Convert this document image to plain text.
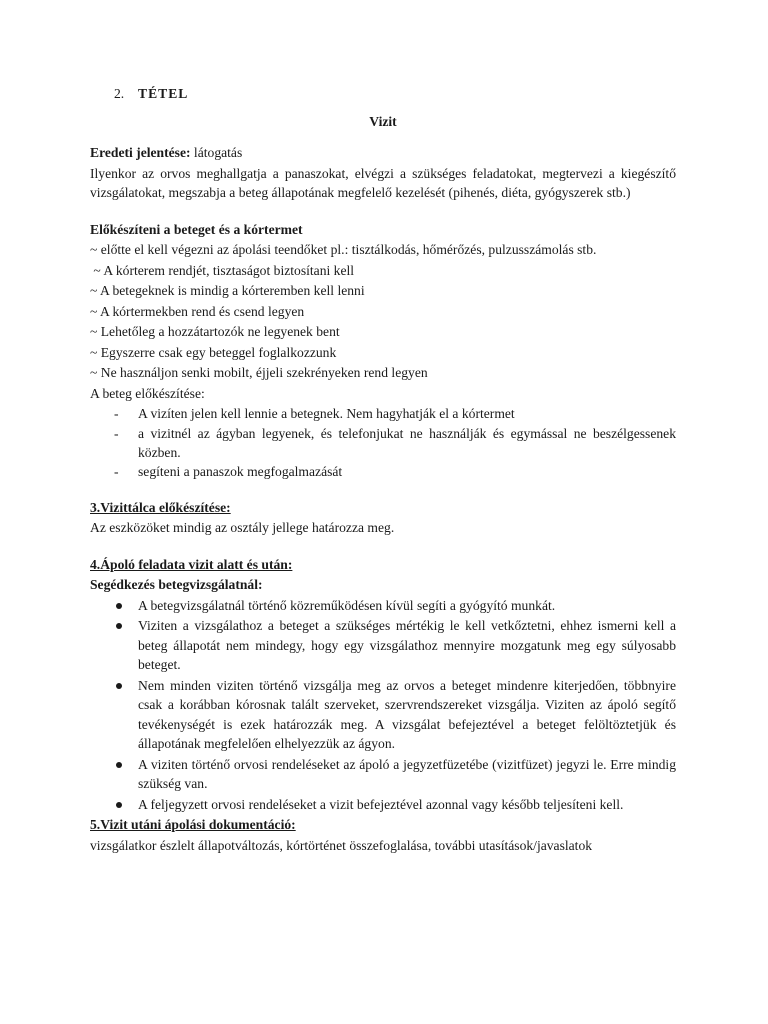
2. TÉTEL
Vizit
Eredeti jelentése: látogatás
Ilyenkor az orvos meghallgatja a panaszokat, elvégzi a szükséges feladatokat, megtervezi a kiegészítő vizsgálatokat, megszabja a beteg állapotának megfelelő kezelését (pihenés, diéta, gyógyszerek stb.)
Előkészíteni a beteget és a kórtermet
~ előtte el kell végezni az ápolási teendőket pl.: tisztálkodás, hőmérőzés, pulzusszámolás stb.
~ A kórterem rendjét, tisztaságot biztosítani kell
~ A betegeknek is mindig a kórteremben kell lenni
~ A kórtermekben rend és csend legyen
~ Lehetőleg a hozzátartozók ne legyenek bent
~ Egyszerre csak egy beteggel foglalkozzunk
~ Ne használjon senki mobilt, éjjeli szekrényeken rend legyen
A beteg előkészítése:
- A vizíten jelen kell lennie a betegnek. Nem hagyhatják el a kórtermet
- a vizitnél az ágyban legyenek, és telefonjukat ne használják és egymással ne beszélgessenek közben.
- segíteni a panaszok megfogalmazását
3.Vizittálca előkészítése:
Az eszközöket mindig az osztály jellege határozza meg.
4.Ápoló feladata vizit alatt és után:
Segédkezés betegvizsgálatnál:
A betegvizsgálatnál történő közreműködésen kívül segíti a gyógyító munkát.
Viziten a vizsgálathoz a beteget a szükséges mértékig le kell vetkőztetni, ehhez ismerni kell a beteg állapotát nem mindegy, hogy egy vizsgálathoz mennyire mozgatunk meg egy súlyosabb beteget.
Nem minden viziten történő vizsgálja meg az orvos a beteget mindenre kiterjedően, többnyire csak a korábban kórosnak talált szerveket, szervrendszereket vizsgálja. Viziten az ápoló segítő tevékenységét is ezek határozzák meg. A vizsgálat befejeztével a beteget felöltöztetjük és állapotának megfelelően elhelyezzük az ágyon.
A viziten történő orvosi rendeléseket az ápoló a jegyzetfüzetébe (vizitfüzet) jegyzi le. Erre mindig szükség van.
A feljegyzett orvosi rendeléseket a vizit befejeztével azonnal vagy később teljesíteni kell.
5.Vizit utáni ápolási dokumentáció:
vizsgálatkor észlelt állapotváltozás, kórtörténet összefoglalása, további utasítások/javaslatok
